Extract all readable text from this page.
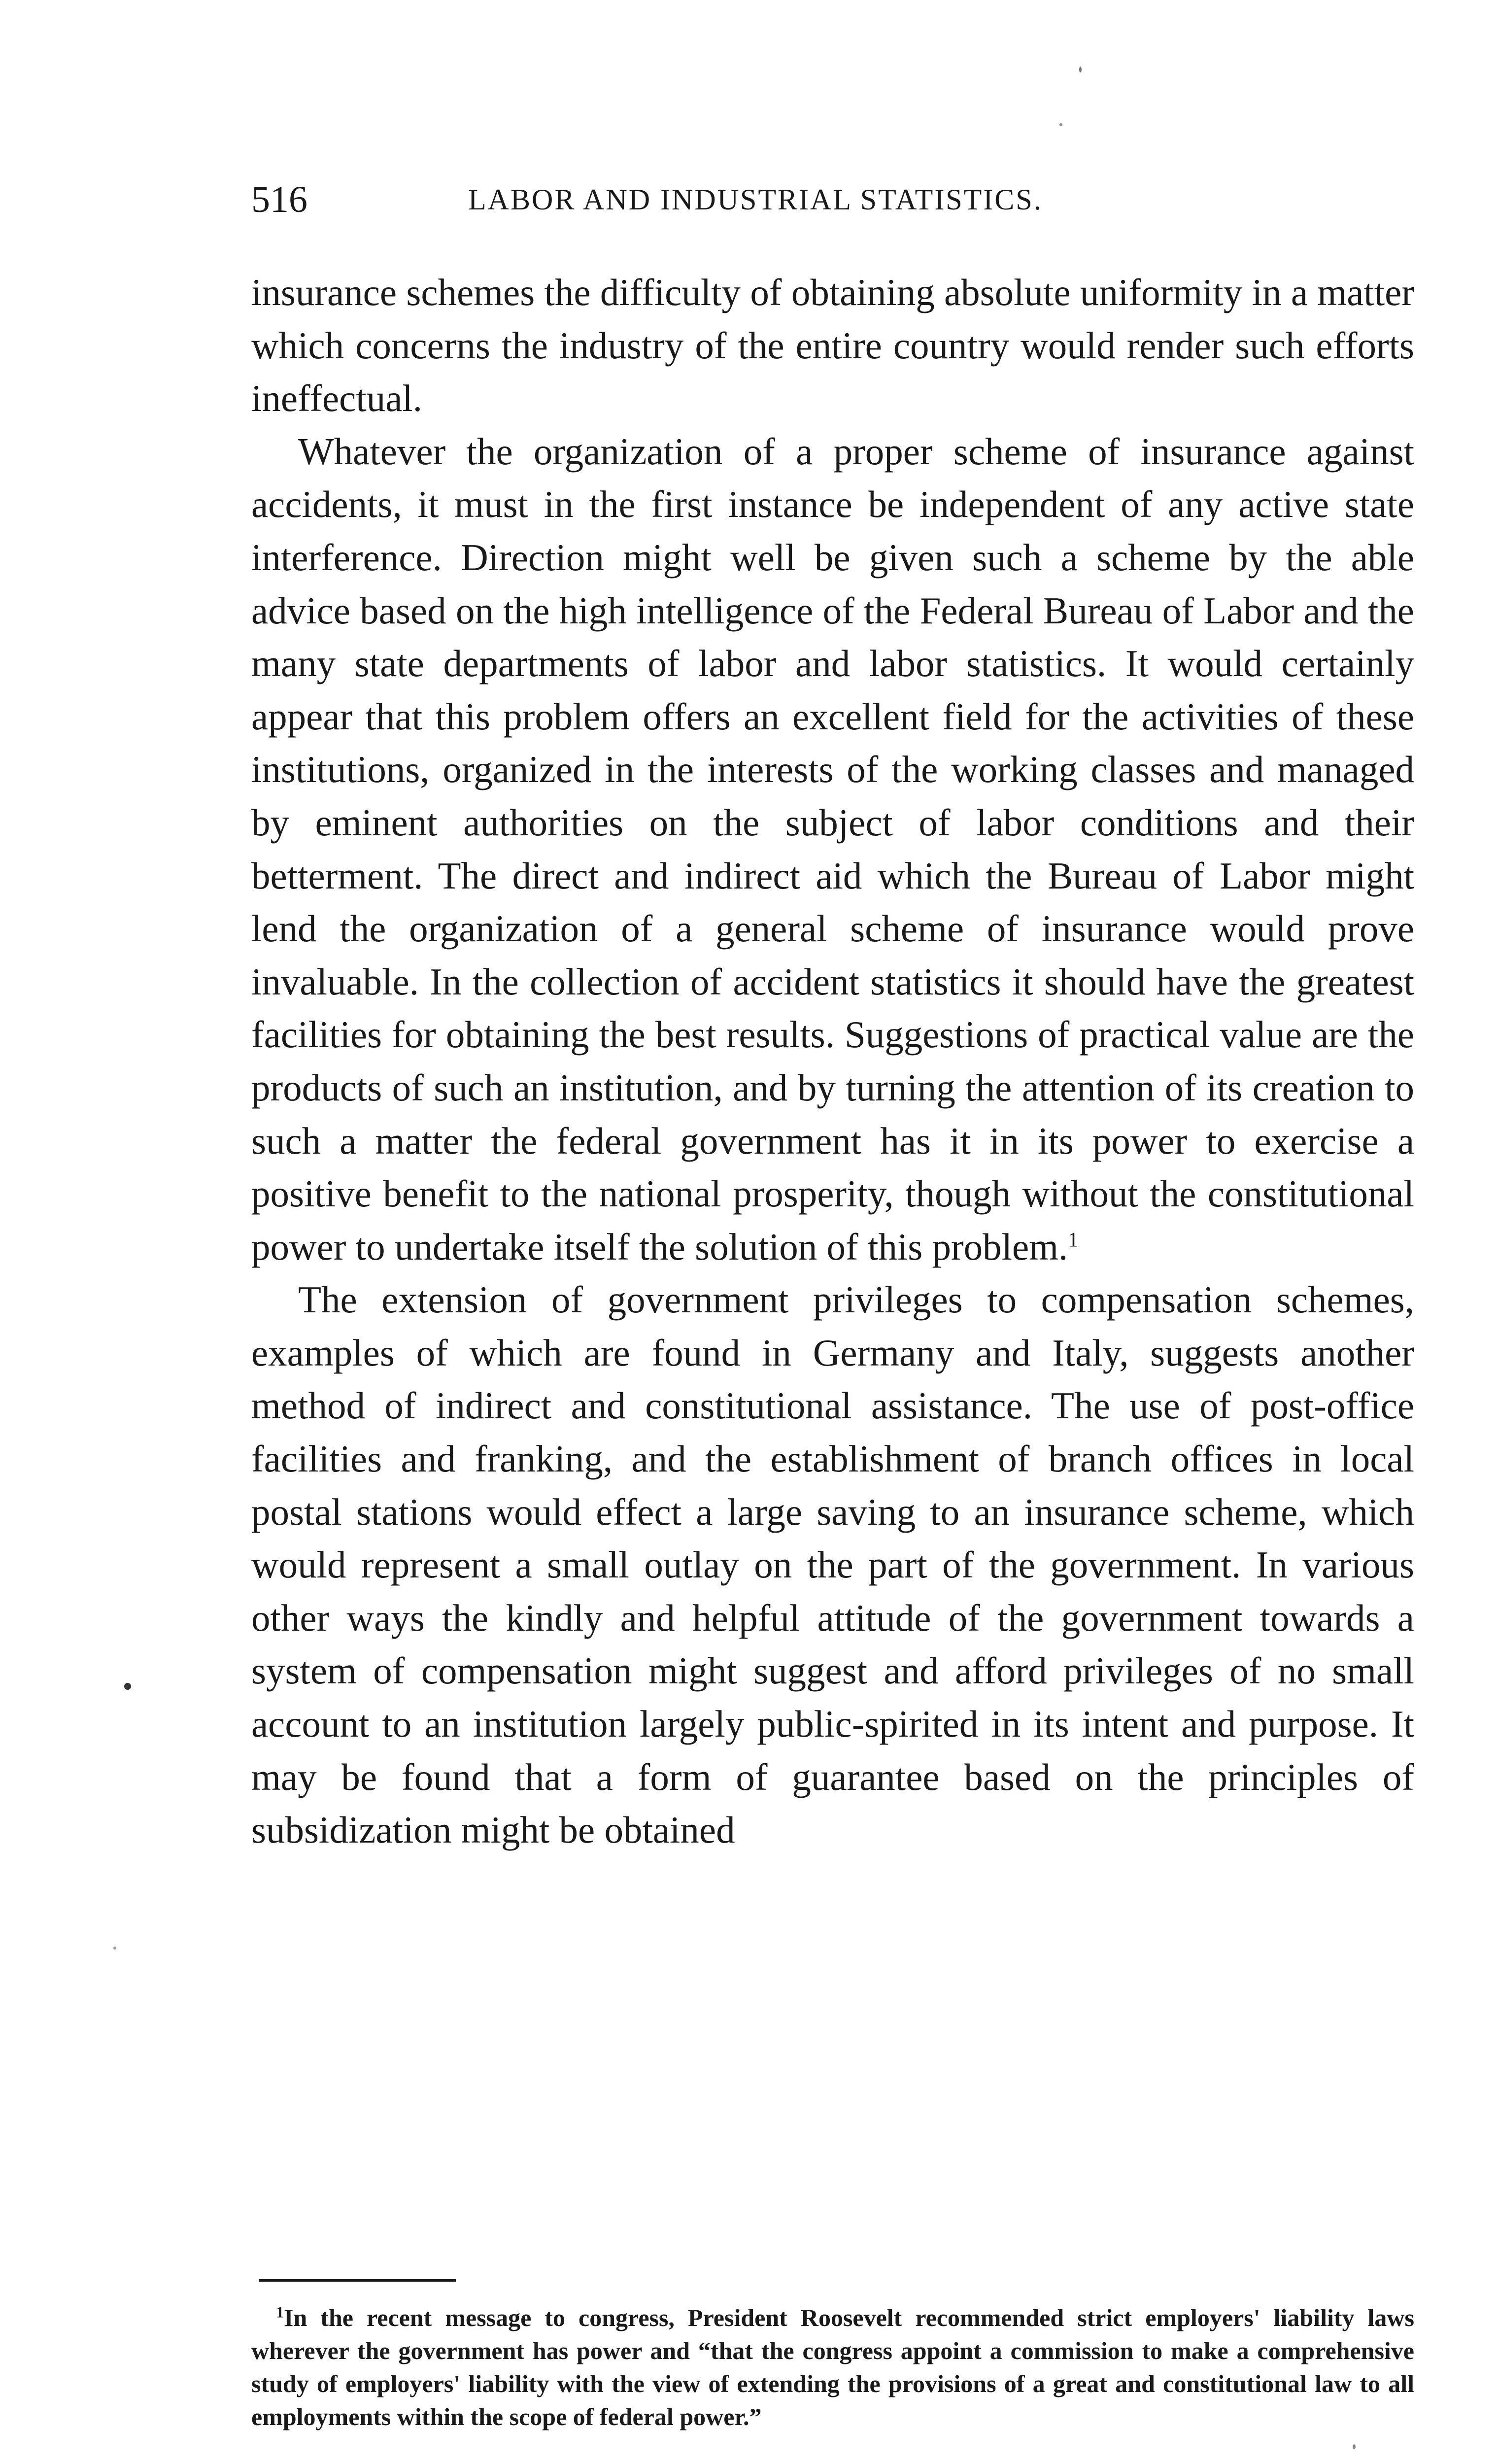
516	LABOR AND INDUSTRIAL STATISTICS.

insurance schemes the difficulty of obtaining absolute uniformity in a matter which concerns the industry of the entire country would render such efforts ineffectual.

Whatever the organization of a proper scheme of insurance against accidents, it must in the first instance be independent of any active state interference. Direction might well be given such a scheme by the able advice based on the high intelligence of the Federal Bureau of Labor and the many state departments of labor and labor statistics. It would certainly appear that this problem offers an excellent field for the activities of these institutions, organized in the interests of the working classes and managed by eminent authorities on the subject of labor conditions and their betterment. The direct and indirect aid which the Bureau of Labor might lend the organization of a general scheme of insurance would prove invaluable. In the collection of accident statistics it should have the greatest facilities for obtaining the best results. Suggestions of practical value are the products of such an institution, and by turning the attention of its creation to such a matter the federal government has it in its power to exercise a positive benefit to the national prosperity, though without the constitutional power to undertake itself the solution of this problem.$^1$

The extension of government privileges to compensation schemes, examples of which are found in Germany and Italy, suggests another method of indirect and constitutional assistance. The use of post-office facilities and franking, and the establishment of branch offices in local postal stations would effect a large saving to an insurance scheme, which would represent a small outlay on the part of the government. In various other ways the kindly and helpful attitude of the government towards a system of compensation might suggest and afford privileges of no small account to an institution largely public-spirited in its intent and purpose. It may be found that a form of guarantee based on the principles of subsidization might be obtained

$^1$In the recent message to congress, President Roosevelt recommended strict employers' liability laws wherever the government has power and “that the congress appoint a commission to make a comprehensive study of employers' liability with the view of extending the provisions of a great and constitutional law to all employments within the scope of federal power.”
